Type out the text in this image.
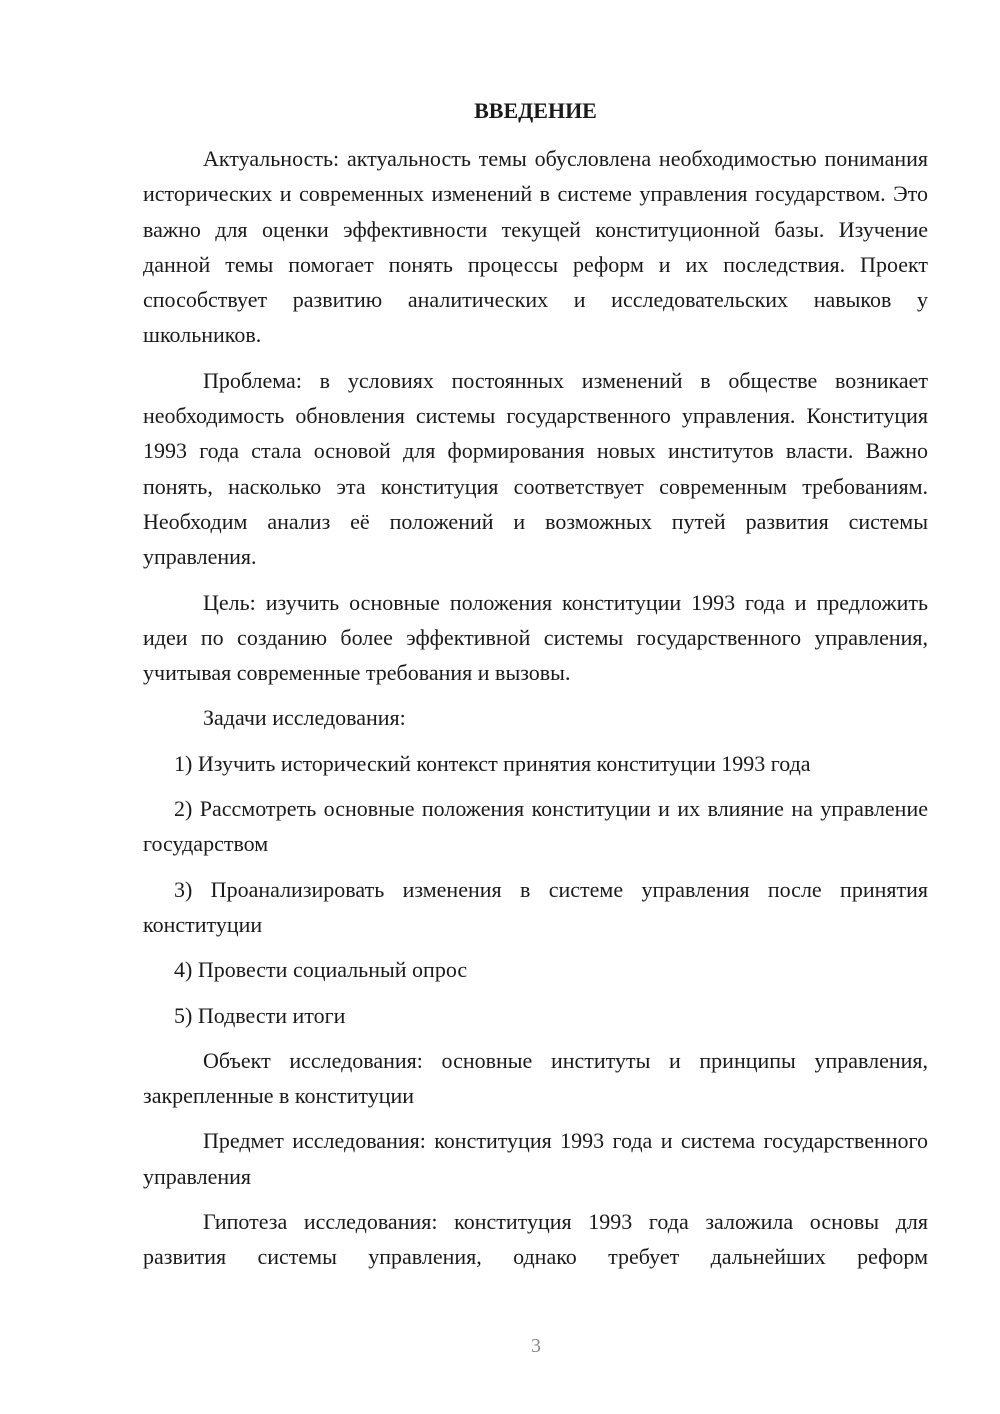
ВВЕДЕНИЕ

Актуальность: актуальность темы обусловлена необходимостью понимания исторических и современных изменений в системе управления государством. Это важно для оценки эффективности текущей конституционной базы. Изучение данной темы помогает понять процессы реформ и их последствия. Проект способствует развитию аналитических и исследовательских навыков у школьников.

Проблема: в условиях постоянных изменений в обществе возникает необходимость обновления системы государственного управления. Конституция 1993 года стала основой для формирования новых институтов власти. Важно понять, насколько эта конституция соответствует современным требованиям. Необходим анализ её положений и возможных путей развития системы управления.

Цель: изучить основные положения конституции 1993 года и предложить идеи по созданию более эффективной системы государственного управления, учитывая современные требования и вызовы.

Задачи исследования:

1) Изучить исторический контекст принятия конституции 1993 года

2) Рассмотреть основные положения конституции и их влияние на управление государством

3) Проанализировать изменения в системе управления после принятия конституции

4) Провести социальный опрос

5) Подвести итоги

Объект исследования: основные институты и принципы управления, закрепленные в конституции

Предмет исследования: конституция 1993 года и система государственного управления

Гипотеза исследования: конституция 1993 года заложила основы для развития системы управления, однако требует дальнейших реформ

3
